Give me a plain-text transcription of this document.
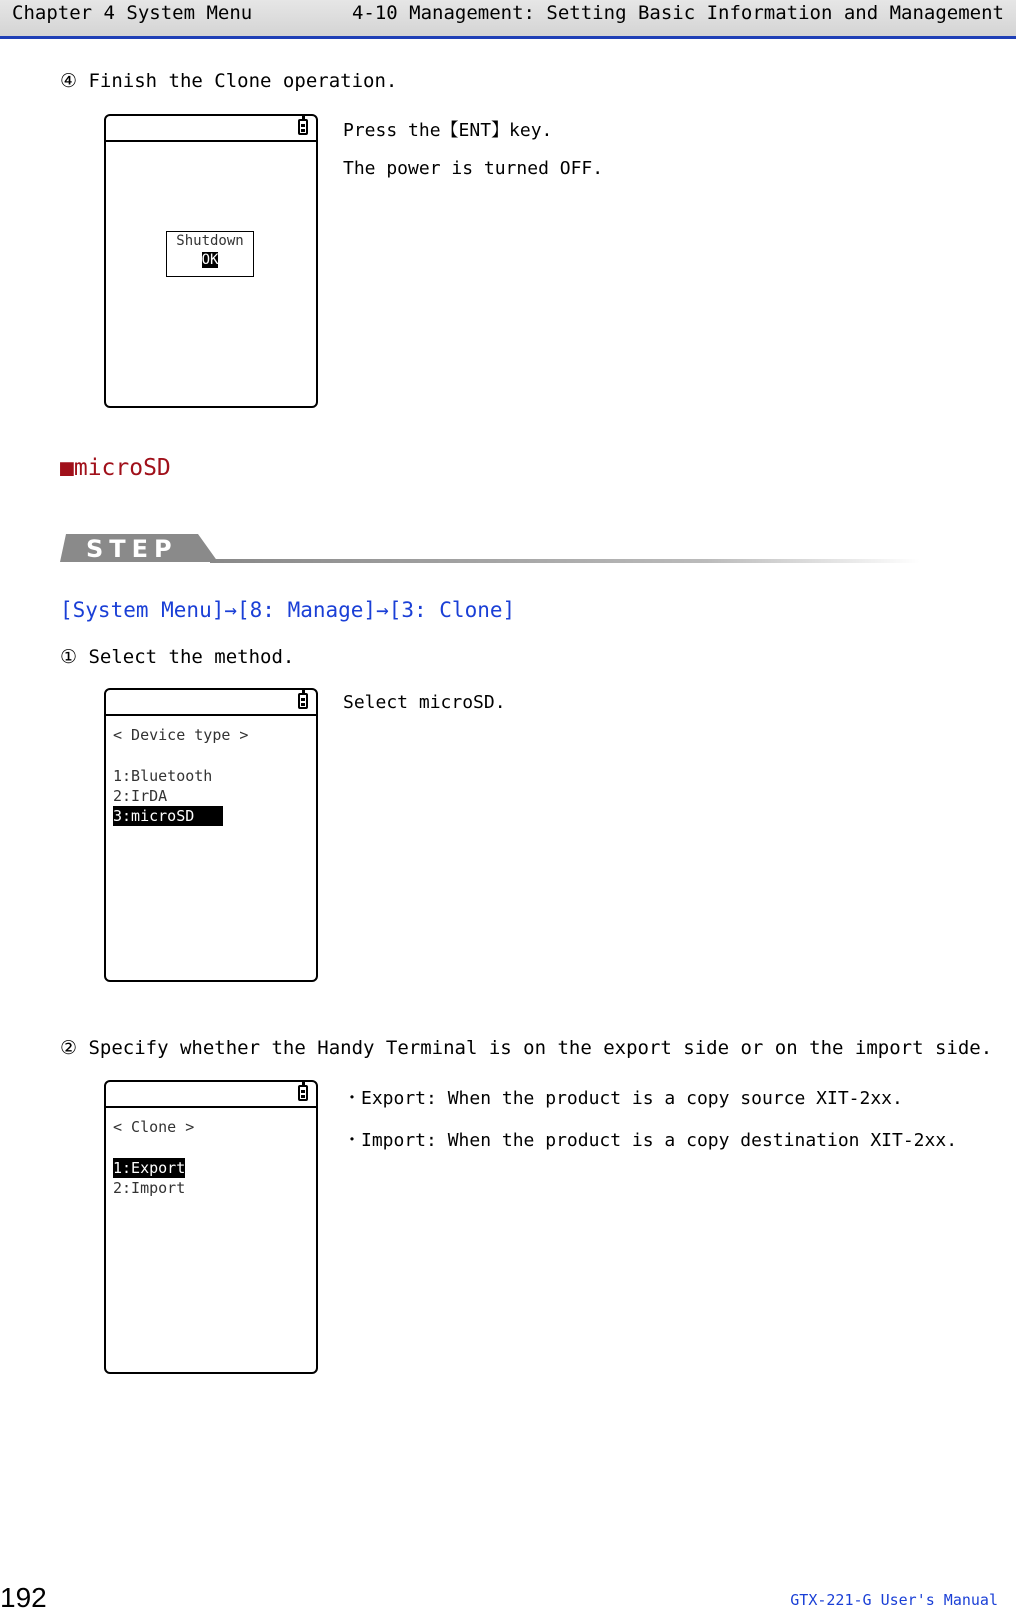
Chapter 4 System Menu	4-10 Management: Setting Basic Information and Management
④ Finish the Clone operation.
Shutdown
OK
Press the【ENT】key.
The power is turned OFF.
■microSD
STEP
[System Menu]→[8: Manage]→[3: Clone]
① Select the method.
< Device type >
1:Bluetooth
2:IrDA
3:microSD
Select microSD.
② Specify whether the Handy Terminal is on the export side or on the import side.
< Clone >
1:Export
2:Import
・Export: When the product is a copy source XIT-2xx.
・Import: When the product is a copy destination XIT-2xx.
192	GTX-221-G User's Manual
